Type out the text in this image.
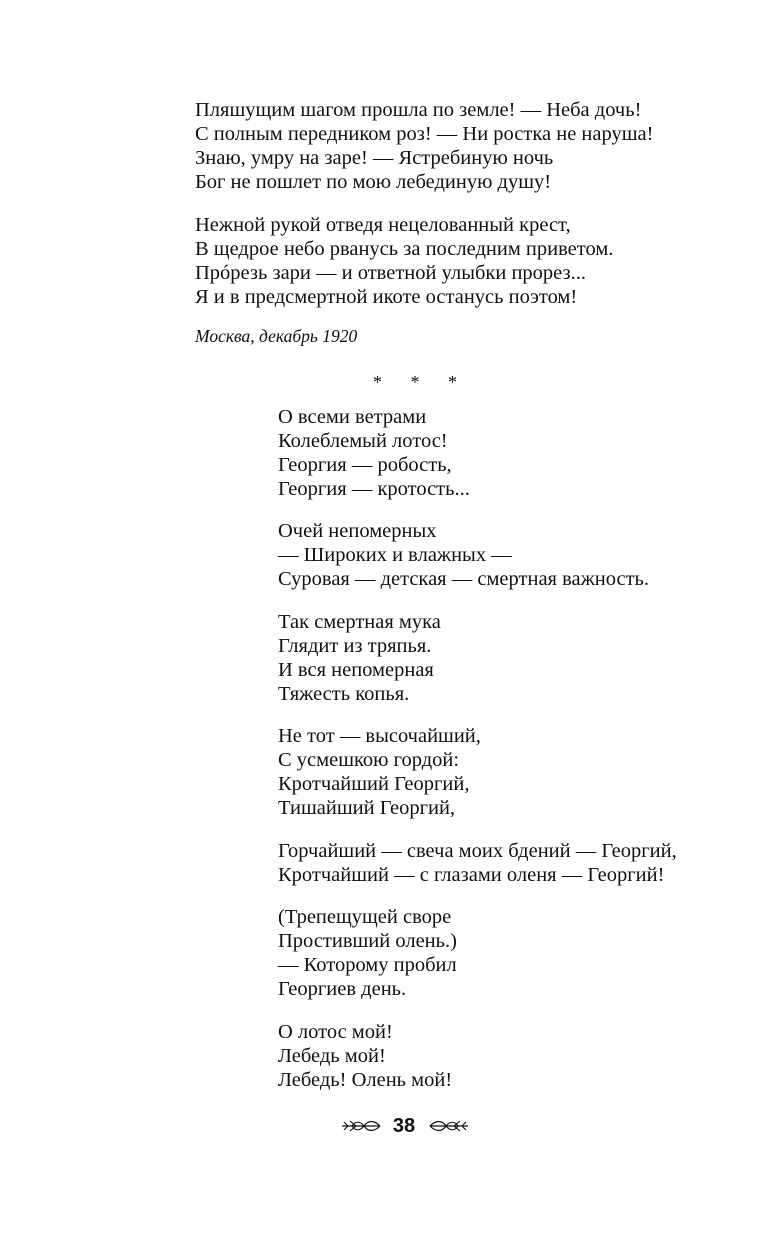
Пляшущим шагом прошла по земле! — Неба дочь!
С полным передником роз! — Ни ростка не наруша!
Знаю, умру на заре! — Ястребиную ночь
Бог не пошлет по мою лебединую душу!
Нежной рукой отведя нецелованный крест,
В щедрое небо рванусь за последним приветом.
Прóрезь зари — и ответной улыбки прорез...
Я и в предсмертной икоте останусь поэтом!
Москва, декабрь 1920
* * *
О всеми ветрами
Колеблемый лотос!
Георгия — робость,
Георгия — кротость...
Очей непомерных
— Широких и влажных —
Суровая — детская — смертная важность.
Так смертная мука
Глядит из тряпья.
И вся непомерная
Тяжесть копья.
Не тот — высочайший,
С усмешкою гордой:
Кротчайший Георгий,
Тишайший Георгий,
Горчайший — свеча моих бдений — Георгий,
Кротчайший — с глазами оленя — Георгий!
(Трепещущей своре
Простивший олень.)
— Которому пробил
Георгиев день.
О лотос мой!
Лебедь мой!
Лебедь! Олень мой!
38
